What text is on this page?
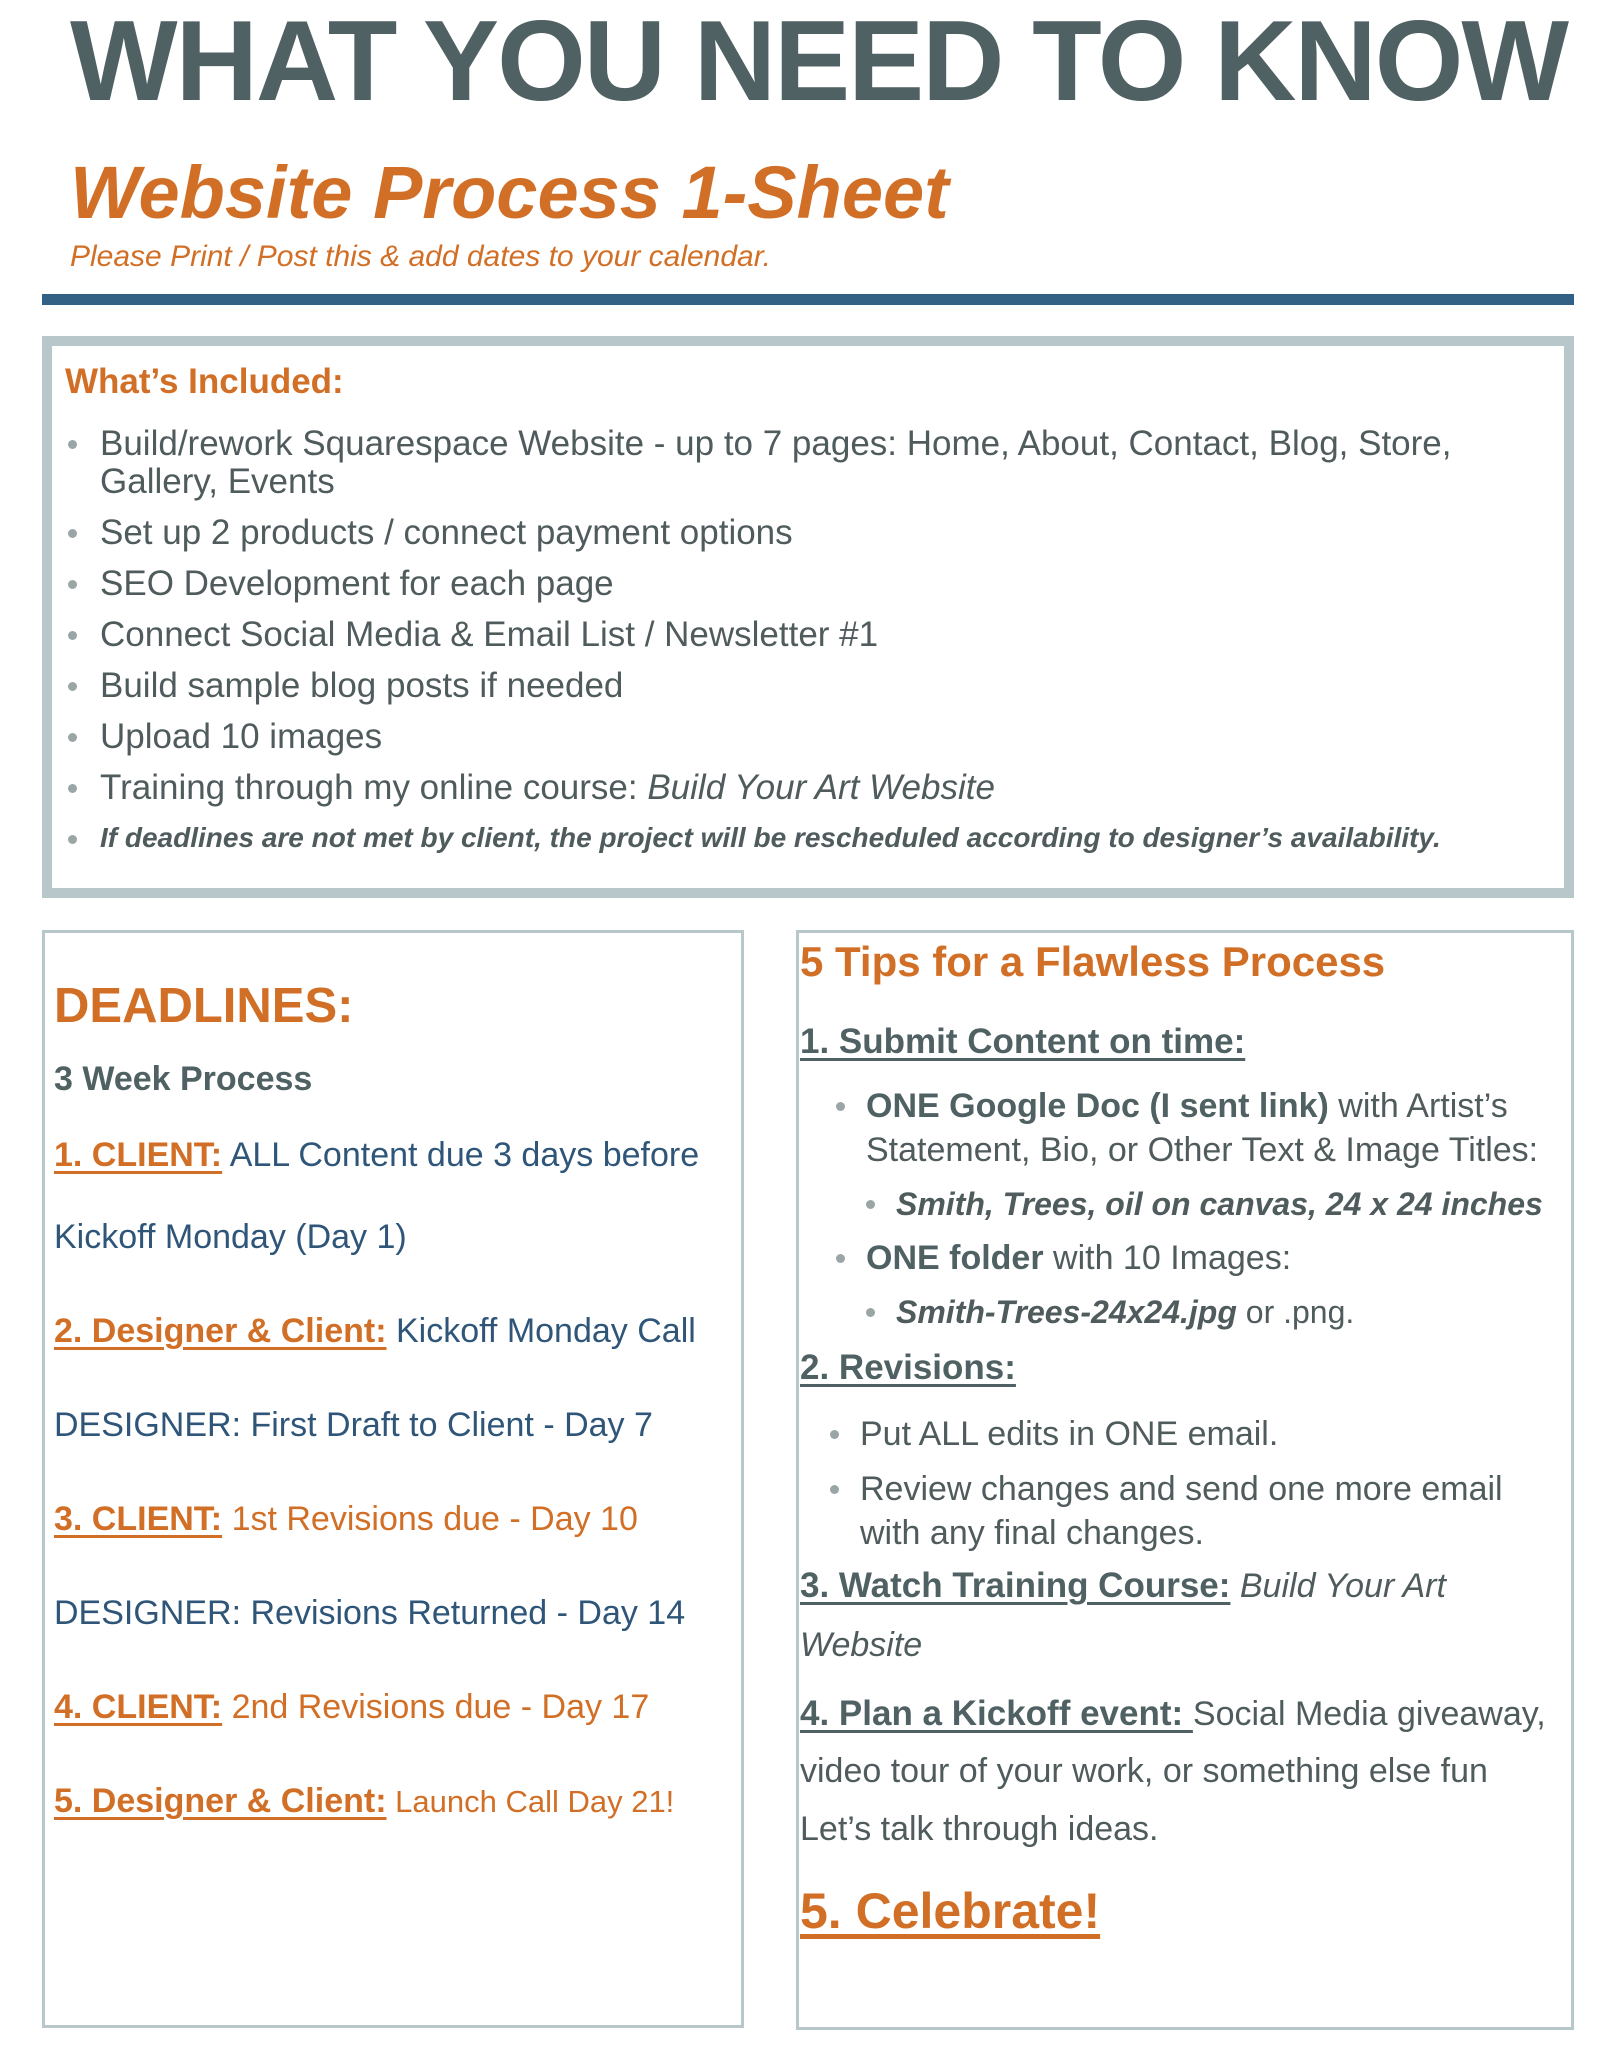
WHAT YOU NEED TO KNOW
Website Process 1-Sheet
Please Print / Post this & add dates to your calendar.
What’s Included:
Build/rework Squarespace Website - up to 7 pages: Home, About, Contact, Blog, Store, Gallery, Events
Set up 2 products / connect payment options
SEO Development for each page
Connect Social Media & Email List / Newsletter #1
Build sample blog posts if needed
Upload 10 images
Training through my online course: Build Your Art Website
If deadlines are not met by client, the project will be rescheduled according to designer’s availability.
DEADLINES:
3 Week Process
1. CLIENT: ALL Content due 3 days before
Kickoff Monday (Day 1)
2. Designer & Client: Kickoff Monday Call
DESIGNER: First Draft to Client - Day 7
3. CLIENT: 1st Revisions due - Day 10
DESIGNER: Revisions Returned - Day 14
4. CLIENT: 2nd Revisions due - Day 17
5. Designer & Client: Launch Call Day 21!
5 Tips for a Flawless Process
1. Submit Content on time:
ONE Google Doc (I sent link) with Artist’s
Statement, Bio, or Other Text & Image Titles:
Smith, Trees, oil on canvas, 24 x 24 inches
ONE folder with 10 Images:
Smith-Trees-24x24.jpg or .png.
2. Revisions:
Put ALL edits in ONE email.
Review changes and send one more email
with any final changes.
3. Watch Training Course: Build Your Art
Website
4. Plan a Kickoff event: Social Media giveaway,
video tour of your work, or something else fun
Let’s talk through ideas.
5. Celebrate!
